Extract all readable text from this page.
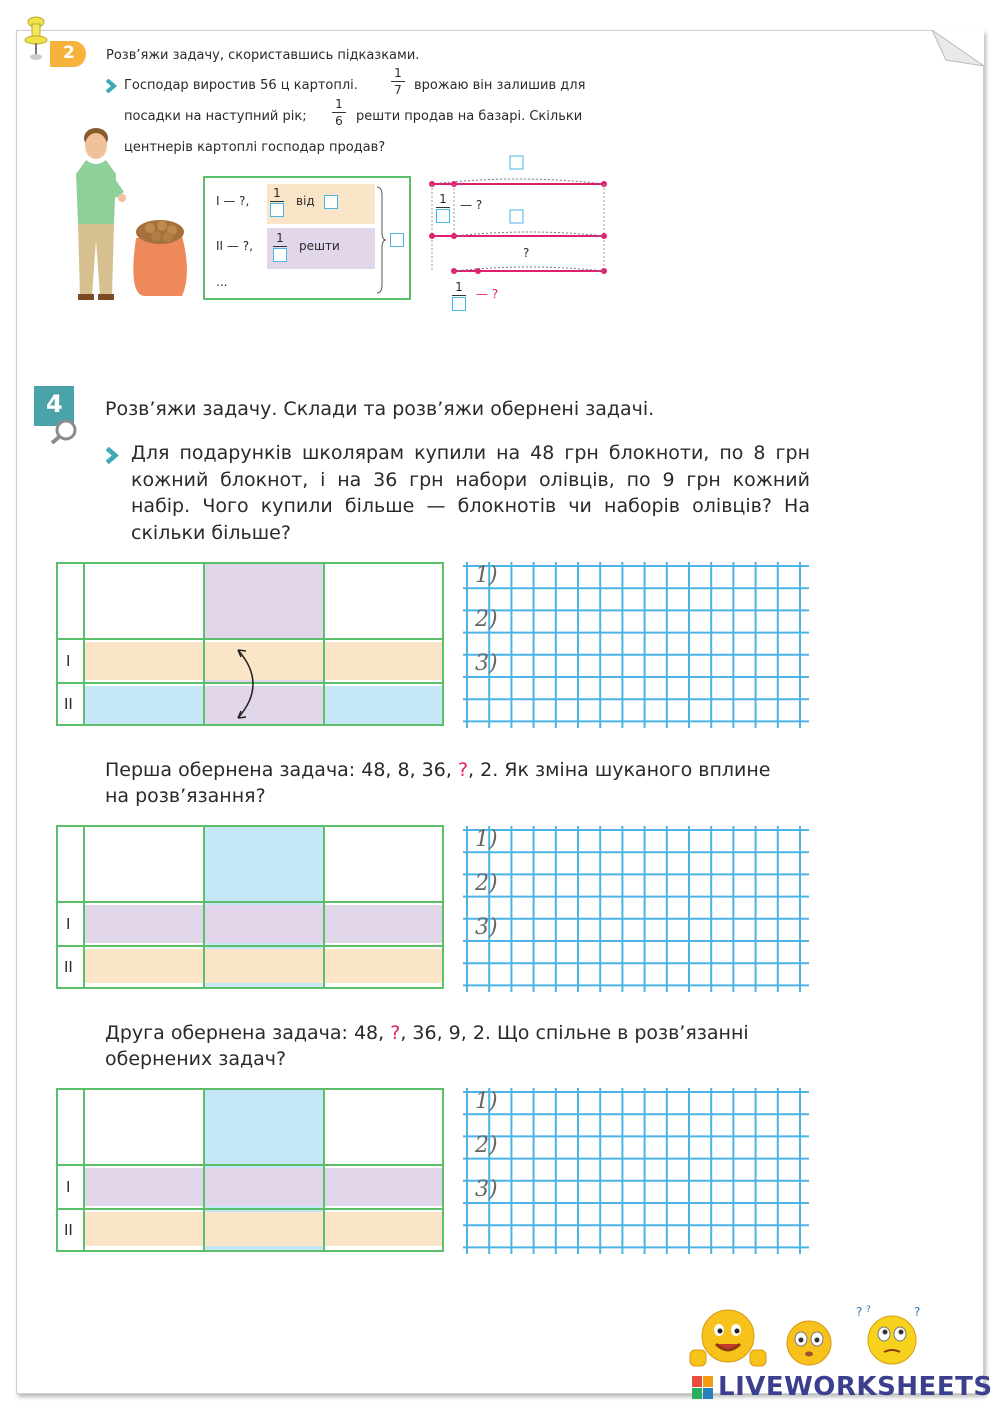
2 Розв’яжи задачу, скориставшись підказками.
Господар виростив 56 ц картоплі.
1
7 врожаю він залишив для
посадки на наступний рік;
1
6 решти продав на базарі. Скільки
центнерів картоплі господар продав?
I — ?,
1
від
II — ?,
1
решти
...
1 — ?
?
1 — ?
4 Розв’яжи задачу. Склади та розв’яжи обернені задачі.
Для подарунків школярам купили на 48 грн блокноти, по 8 грн
кожний блокнот, і на 36 грн набори олівців, по 9 грн кожний
набір. Чого купили більше — блокнотів чи наборів олівців? На
скільки більше?
I
II
1)
2)
3)
Перша обернена задача: 48, 8, 36, ?, 2. Як зміна шуканого вплине
на розв’язання?
I
II
1)
2)
3)
Друга обернена задача: 48, ?, 36, 9, 2. Що спільне в розв’язанні
обернених задач?
I
II
1)
2)
3)
? ?	?
LIVEWORKSHEETS
